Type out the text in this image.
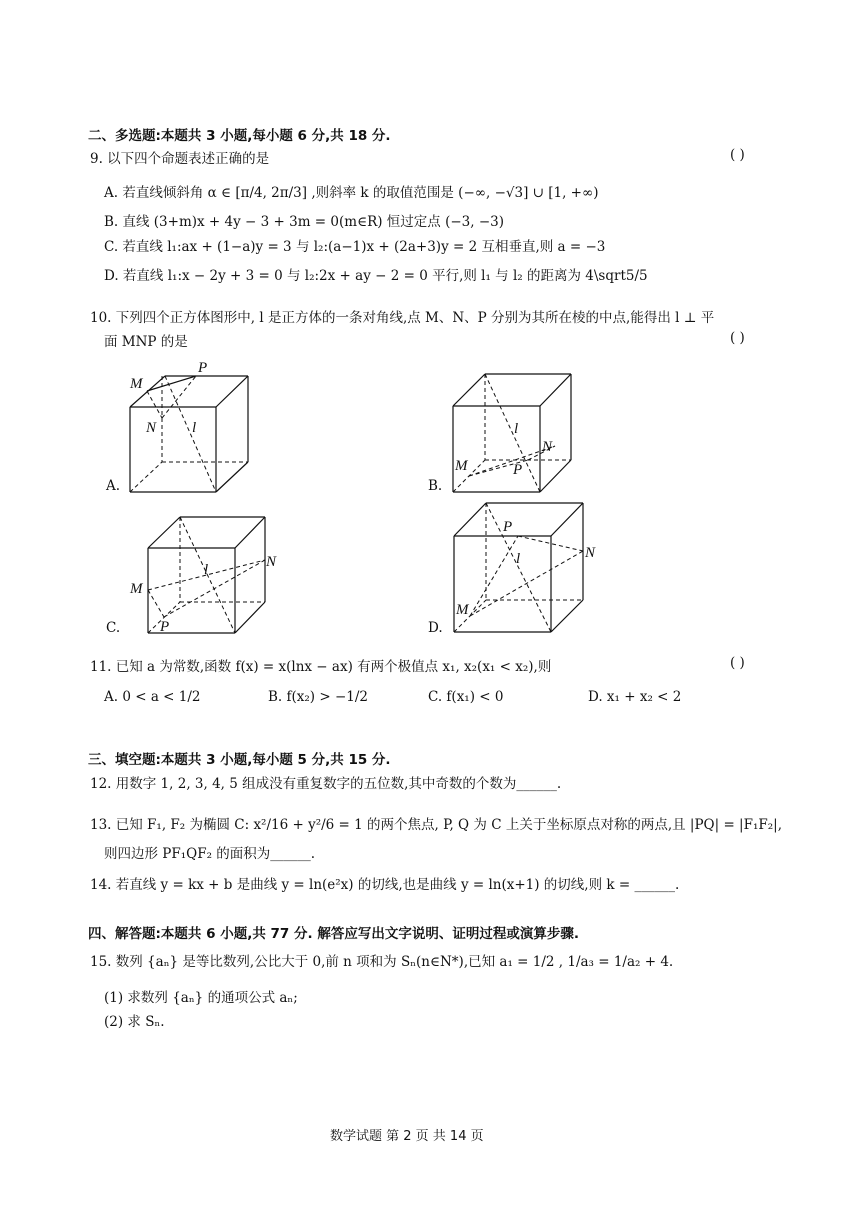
二、多选题:本题共 3 小题,每小题 6 分,共 18 分.
9. 以下四个命题表述正确的是	( )
A. 若直线倾斜角 α ∈ [π/4, 2π/3] ,则斜率 k 的取值范围是 (−∞, −√3] ∪ [1, +∞)
B. 直线 (3+m)x + 4y − 3 + 3m = 0(m∈R) 恒过定点 (−3, −3)
C. 若直线 l₁:ax + (1−a)y = 3 与 l₂:(a−1)x + (2a+3)y = 2 互相垂直,则 a = −3
D. 若直线 l₁:x − 2y + 3 = 0 与 l₂:2x + ay − 2 = 0 平行,则 l₁ 与 l₂ 的距离为 4\sqrt5/5
10. 下列四个正方体图形中, l 是正方体的一条对角线,点 M、N、P 分别为其所在棱的中点,能得出 l ⊥ 平
面 MNP 的是	( )
M
P
N l
M
N
P
l
M
N
P
l
M
N
P
l
A.	B.
C.	D.
11. 已知 a 为常数,函数 f(x) = x(lnx − ax) 有两个极值点 x₁, x₂(x₁ < x₂),则	( )
A. 0 < a < 1/2	B. f(x₂) > −1/2	C. f(x₁) < 0	D. x₁ + x₂ < 2
三、填空题:本题共 3 小题,每小题 5 分,共 15 分.
12. 用数字 1, 2, 3, 4, 5 组成没有重复数字的五位数,其中奇数的个数为______.
13. 已知 F₁, F₂ 为椭圆 C: x²/16 + y²/6 = 1 的两个焦点, P, Q 为 C 上关于坐标原点对称的两点,且 |PQ| = |F₁F₂|,
则四边形 PF₁QF₂ 的面积为______.
14. 若直线 y = kx + b 是曲线 y = ln(e²x) 的切线,也是曲线 y = ln(x+1) 的切线,则 k = ______.
四、解答题:本题共 6 小题,共 77 分. 解答应写出文字说明、证明过程或演算步骤.
15. 数列 {aₙ} 是等比数列,公比大于 0,前 n 项和为 Sₙ(n∈N*),已知 a₁ = 1/2 , 1/a₃ = 1/a₂ + 4.
(1) 求数列 {aₙ} 的通项公式 aₙ;
(2) 求 Sₙ.
数学试题 第 2 页 共 14 页
